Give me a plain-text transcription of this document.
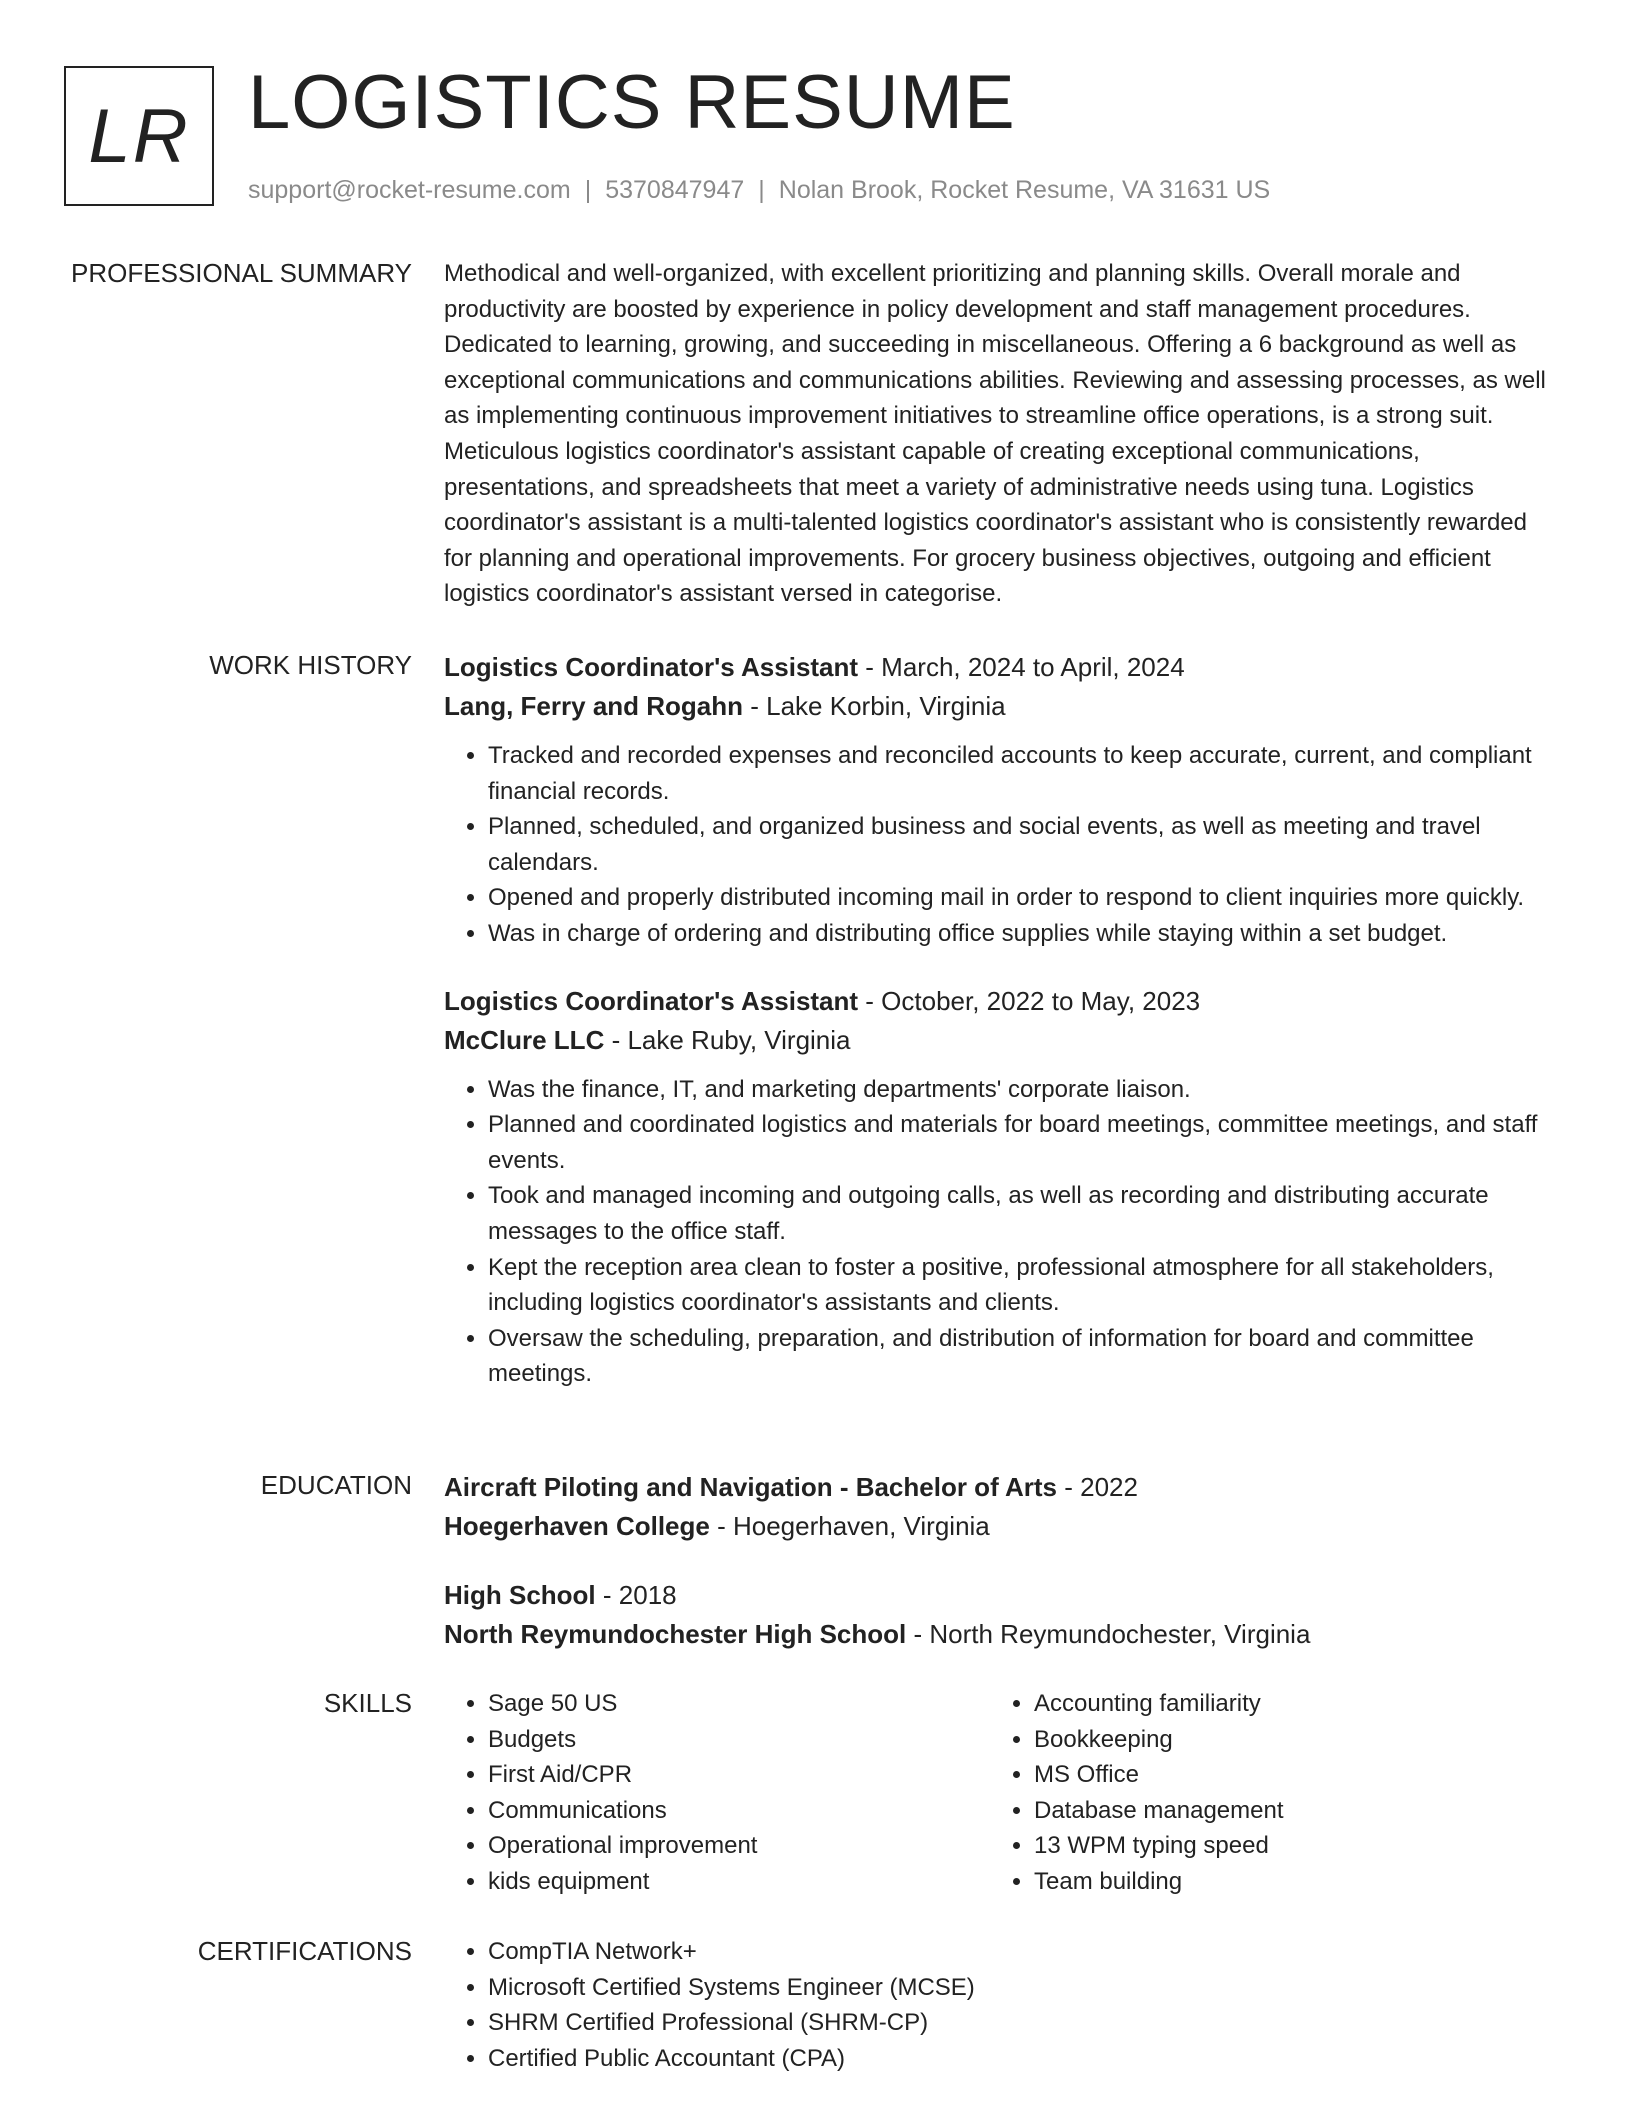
LR LOGISTICS RESUME
support@rocket-resume.com | 5370847947 | Nolan Brook, Rocket Resume, VA 31631 US
PROFESSIONAL SUMMARY Methodical and well-organized, with excellent prioritizing and planning skills. Overall morale and productivity are boosted by experience in policy development and staff management procedures. Dedicated to learning, growing, and succeeding in miscellaneous. Offering a 6 background as well as exceptional communications and communications abilities. Reviewing and assessing processes, as well as implementing continuous improvement initiatives to streamline office operations, is a strong suit. Meticulous logistics coordinator's assistant capable of creating exceptional communications, presentations, and spreadsheets that meet a variety of administrative needs using tuna. Logistics coordinator's assistant is a multi-talented logistics coordinator's assistant who is consistently rewarded for planning and operational improvements. For grocery business objectives, outgoing and efficient logistics coordinator's assistant versed in categorise.

WORK HISTORY Logistics Coordinator's Assistant - March, 2024 to April, 2024
Lang, Ferry and Rogahn - Lake Korbin, Virginia
• Tracked and recorded expenses and reconciled accounts to keep accurate, current, and compliant financial records.
• Planned, scheduled, and organized business and social events, as well as meeting and travel calendars.
• Opened and properly distributed incoming mail in order to respond to client inquiries more quickly.
• Was in charge of ordering and distributing office supplies while staying within a set budget.
Logistics Coordinator's Assistant - October, 2022 to May, 2023
McClure LLC - Lake Ruby, Virginia
• Was the finance, IT, and marketing departments' corporate liaison.
• Planned and coordinated logistics and materials for board meetings, committee meetings, and staff events.
• Took and managed incoming and outgoing calls, as well as recording and distributing accurate messages to the office staff.
• Kept the reception area clean to foster a positive, professional atmosphere for all stakeholders, including logistics coordinator's assistants and clients.
• Oversaw the scheduling, preparation, and distribution of information for board and committee meetings.
EDUCATION Aircraft Piloting and Navigation - Bachelor of Arts - 2022
Hoegerhaven College - Hoegerhaven, Virginia
High School - 2018
North Reymundochester High School - North Reymundochester, Virginia
SKILLS	• Sage 50 US
• Budgets
• First Aid/CPR
• Communications
• Operational improvement
• kids equipment
• Accounting familiarity
• Bookkeeping
• MS Office
• Database management
• 13 WPM typing speed
• Team building
CERTIFICATIONS	• CompTIA Network+
• Microsoft Certified Systems Engineer (MCSE)
• SHRM Certified Professional (SHRM-CP)
• Certified Public Accountant (CPA)
